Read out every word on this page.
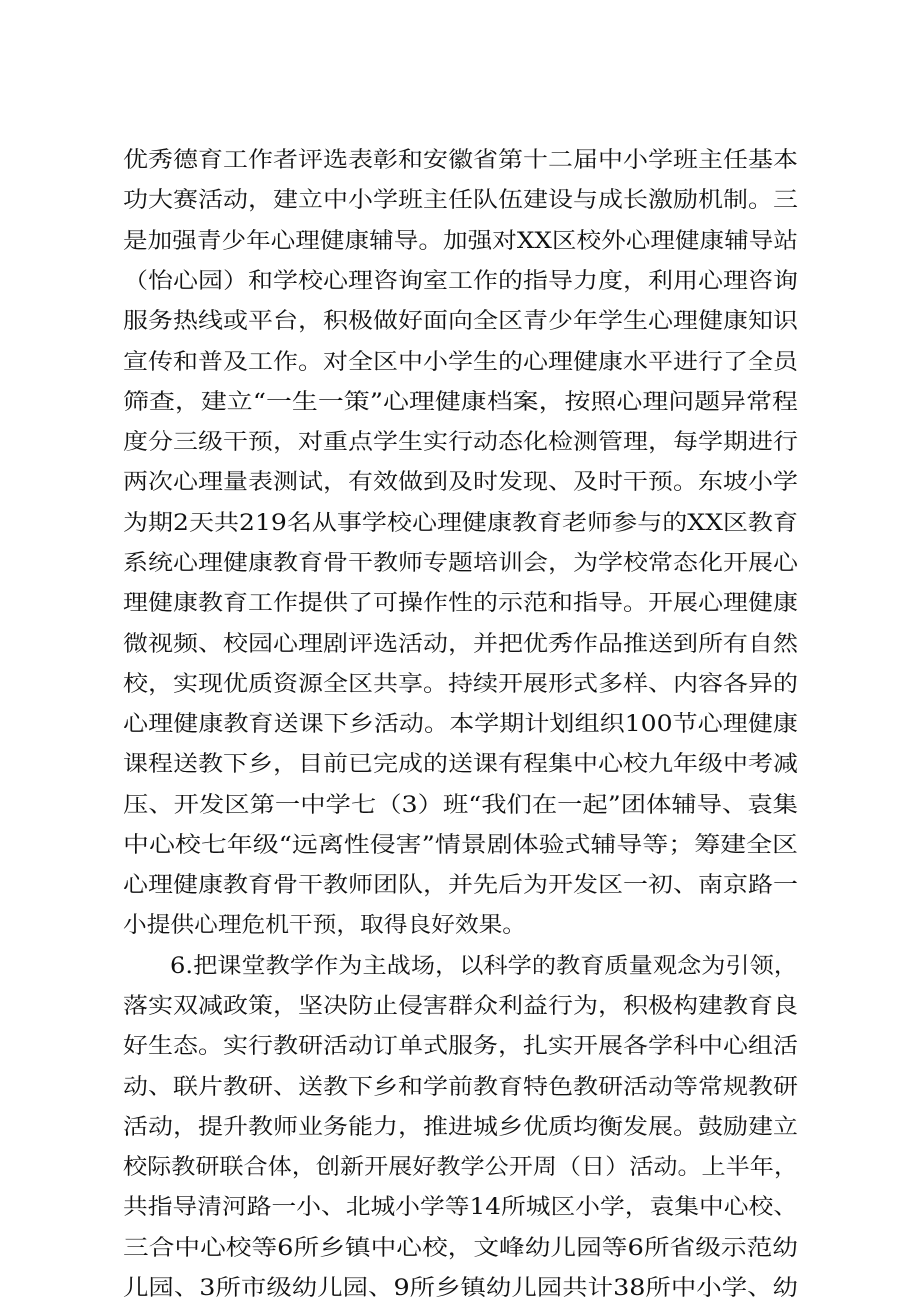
优秀德育工作者评选表彰和安徽省第十二届中小学班主任基本
功大赛活动，建立中小学班主任队伍建设与成长激励机制。三
是加强青少年心理健康辅导。加强对XX区校外心理健康辅导站
（怡心园）和学校心理咨询室工作的指导力度，利用心理咨询
服务热线或平台，积极做好面向全区青少年学生心理健康知识
宣传和普及工作。对全区中小学生的心理健康水平进行了全员
筛查，建立“一生一策”心理健康档案，按照心理问题异常程
度分三级干预，对重点学生实行动态化检测管理，每学期进行
两次心理量表测试，有效做到及时发现、及时干预。东坡小学
为期2天共219名从事学校心理健康教育老师参与的XX区教育
系统心理健康教育骨干教师专题培训会，为学校常态化开展心
理健康教育工作提供了可操作性的示范和指导。开展心理健康
微视频、校园心理剧评选活动，并把优秀作品推送到所有自然
校，实现优质资源全区共享。持续开展形式多样、内容各异的
心理健康教育送课下乡活动。本学期计划组织100节心理健康
课程送教下乡，目前已完成的送课有程集中心校九年级中考减
压、开发区第一中学七（3）班“我们在一起”团体辅导、袁集
中心校七年级“远离性侵害”情景剧体验式辅导等；筹建全区
心理健康教育骨干教师团队，并先后为开发区一初、南京路一
小提供心理危机干预，取得良好效果。
6.把课堂教学作为主战场，以科学的教育质量观念为引领，
落实双减政策，坚决防止侵害群众利益行为，积极构建教育良
好生态。实行教研活动订单式服务，扎实开展各学科中心组活
动、联片教研、送教下乡和学前教育特色教研活动等常规教研
活动，提升教师业务能力，推进城乡优质均衡发展。鼓励建立
校际教研联合体，创新开展好教学公开周（日）活动。上半年，
共指导清河路一小、北城小学等14所城区小学，袁集中心校、
三合中心校等6所乡镇中心校，文峰幼儿园等6所省级示范幼
儿园、3所市级幼儿园、9所乡镇幼儿园共计38所中小学、幼
